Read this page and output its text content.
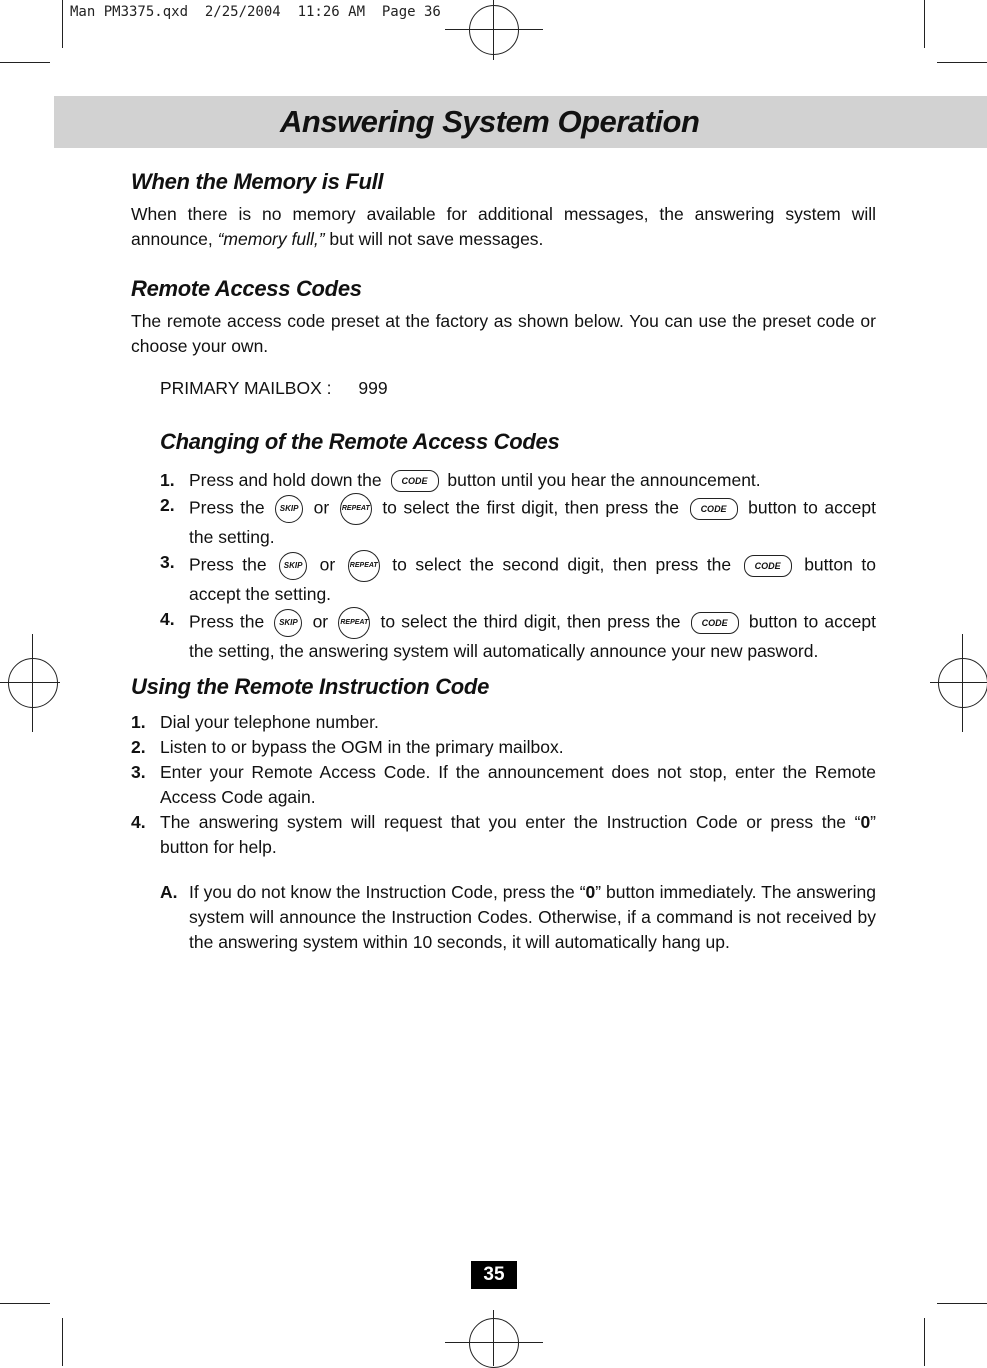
Man PM3375.qxd  2/25/2004  11:26 AM  Page 36
Answering System Operation
When the Memory is Full

When there is no memory available for additional messages, the answering system will announce, “memory full,” but will not save messages.

Remote Access Codes

The remote access code preset at the factory as shown below. You can use the preset code or choose your own.

PRIMARY MAILBOX : 999
Changing of the Remote Access Codes
1. Press and hold down the CODE button until you hear the announcement.
2. Press the SKIP or REPEAT to select the first digit, then press the CODE button to accept the setting.
3. Press the SKIP or REPEAT to select the second digit, then press the CODE button to accept the setting.
4. Press the SKIP or REPEAT to select the third digit, then press the CODE button to accept the setting, the answering system will automatically announce your new pasword.
Using the Remote Instruction Code
1. Dial your telephone number.
2. Listen to or bypass the OGM in the primary mailbox.
3. Enter your Remote Access Code. If the announcement does not stop, enter the Remote Access Code again.
4. The answering system will request that you enter the Instruction Code or press the “0” button for help.
A. If you do not know the Instruction Code, press the “0” button immediately. The answering system will announce the Instruction Codes. Otherwise, if a command is not received by the answering system within 10 seconds, it will automatically hang up.
35
